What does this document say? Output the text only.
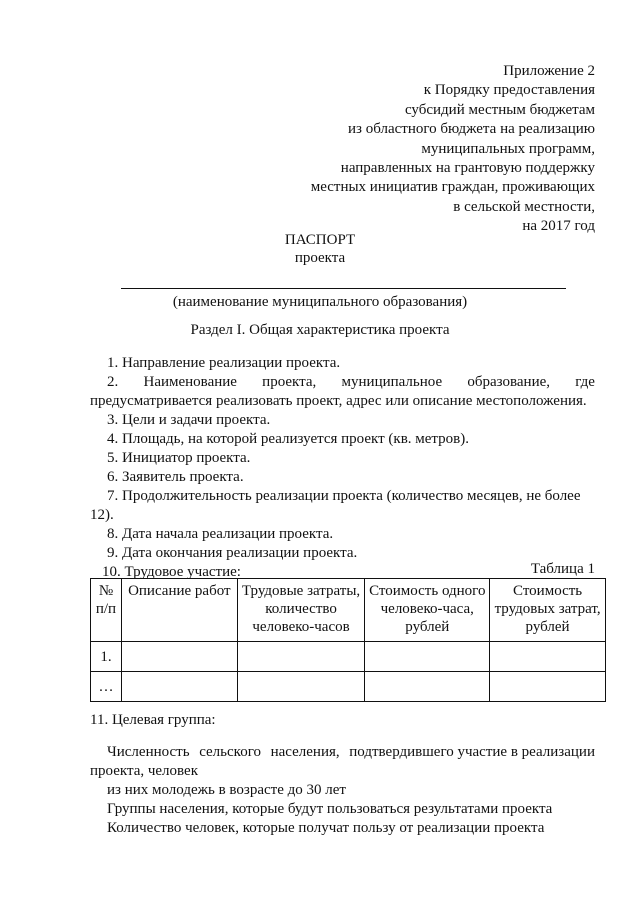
Приложение 2
к Порядку предоставления
субсидий местным бюджетам
из областного бюджета на реализацию
муниципальных программ,
направленных на грантовую поддержку
местных инициатив граждан, проживающих
в сельской местности,
на 2017 год
ПАСПОРТ
проекта
(наименование муниципального образования)
Раздел I. Общая характеристика проекта
1. Направление реализации проекта.
2. Наименование проекта, муниципальное образование, где
предусматривается реализовать проект, адрес или описание местоположения.
3. Цели и задачи проекта.
4. Площадь, на которой реализуется проект (кв. метров).
5. Инициатор проекта.
6. Заявитель проекта.
7. Продолжительность реализации проекта (количество месяцев, не более
12).
8. Дата начала реализации проекта.
9. Дата окончания реализации проекта.
10. Трудовое участие:	Таблица 1
№ п/п	Описание работ	Трудовые затраты, количество человеко-часов	Стоимость одного человеко-часа, рублей	Стоимость трудовых затрат, рублей
1.				
…				
11. Целевая группа:
Численность сельского населения, подтвердившего участие в реализации
проекта, человек
из них молодежь в возрасте до 30 лет
Группы населения, которые будут пользоваться результатами проекта
Количество человек, которые получат пользу от реализации проекта
